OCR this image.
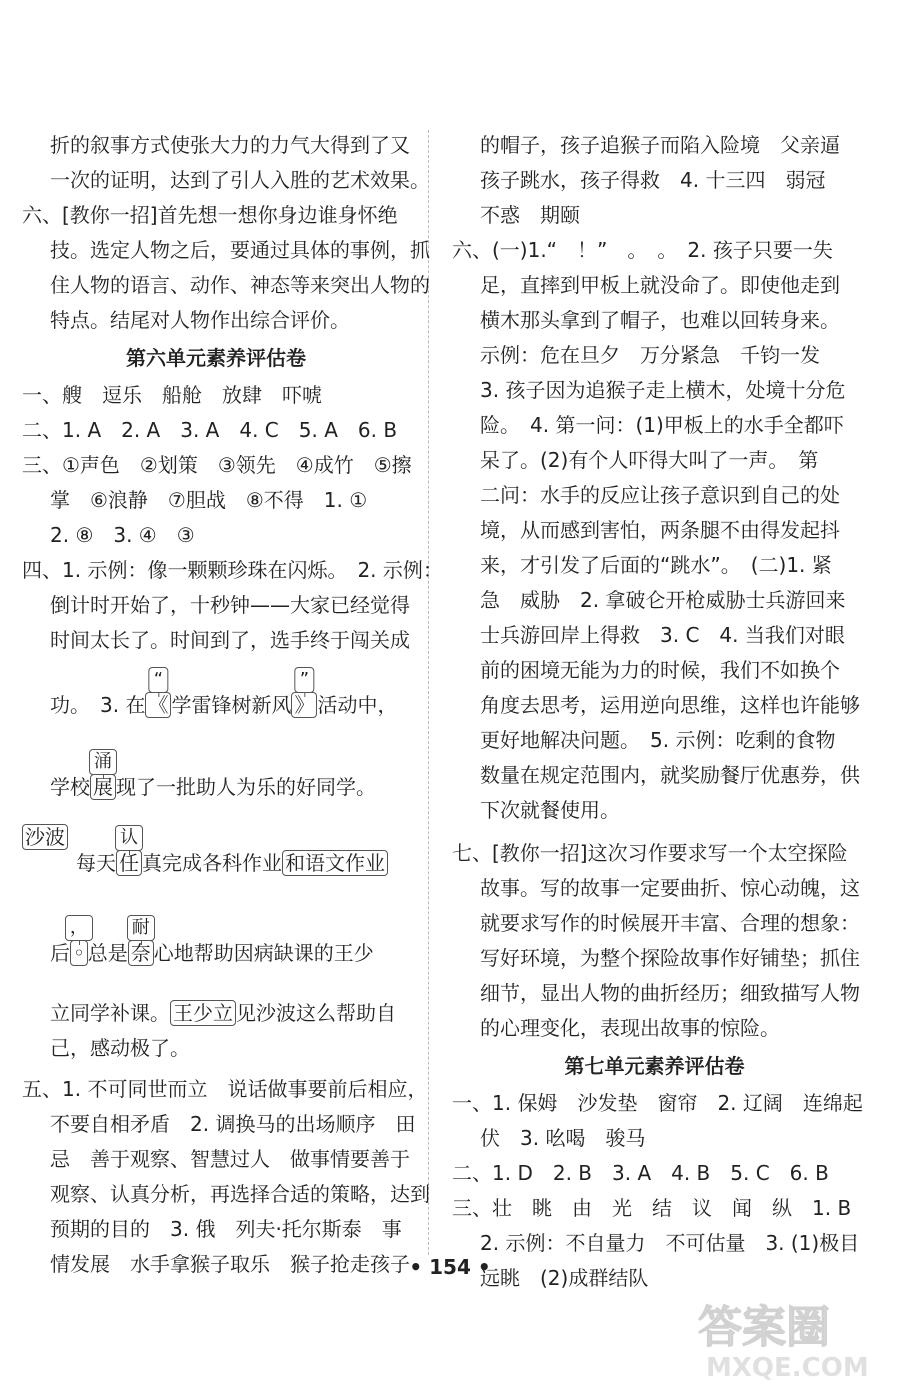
折的叙事方式使张大力的力气大得到了又
一次的证明，达到了引人入胜的艺术效果。
六、[教你一招]首先想一想你身边谁身怀绝
技。选定人物之后，要通过具体的事例，抓
住人物的语言、动作、神态等来突出人物的
特点。结尾对人物作出综合评价。
第六单元素养评估卷
一、艘　逗乐　船舱　放肆　吓唬
二、1. A　2. A　3. A　4. C　5. A　6. B
三、①声色　②划策　③领先　④成竹　⑤擦
掌　⑥浪静　⑦胆战　⑧不得　1. ①
2. ⑧　3. ④　③
四、1. 示例：像一颗颗珍珠在闪烁。　2. 示例：
倒计时开始了，十秒钟——大家已经觉得
时间太长了。时间到了，选手终于闯关成
功。　3. 在 《
“
学雷锋树新风 》
”
活动中，
学校 展
涌
现了一批助人为乐的好同学。
沙波每天 任
认
真完成各科作业 和语文作业
后 ◦
，
总是 奈
耐
心地帮助因病缺课的王少
立同学补课。 王少立 见沙波这么帮助自
己，感动极了。
五、1. 不可同世而立　说话做事要前后相应，
不要自相矛盾　2. 调换马的出场顺序　田
忌　善于观察、智慧过人　做事情要善于
观察、认真分析，再选择合适的策略，达到
预期的目的　3. 俄　列夫·托尔斯泰　事
情发展　水手拿猴子取乐　猴子抢走孩子
的帽子，孩子追猴子而陷入险境　父亲逼
孩子跳水，孩子得救　4. 十三四　弱冠
不惑　期颐
六、(一)1.“　！”　。　。　2. 孩子只要一失
足，直摔到甲板上就没命了。即使他走到
横木那头拿到了帽子，也难以回转身来。
示例：危在旦夕　万分紧急　千钧一发
3. 孩子因为追猴子走上横木，处境十分危
险。　4. 第一问：(1)甲板上的水手全都吓
呆了。(2)有个人吓得大叫了一声。　第
二问：水手的反应让孩子意识到自己的处
境，从而感到害怕，两条腿不由得发起抖
来，才引发了后面的“跳水”。　(二)1. 紧
急　威胁　2. 拿破仑开枪威胁士兵游回来
士兵游回岸上得救　3. C　4. 当我们对眼
前的困境无能为力的时候，我们不如换个
角度去思考，运用逆向思维，这样也许能够
更好地解决问题。　5. 示例：吃剩的食物
数量在规定范围内，就奖励餐厅优惠券，供
下次就餐使用。
七、[教你一招]这次习作要求写一个太空探险
故事。写的故事一定要曲折、惊心动魄，这
就要求写作的时候展开丰富、合理的想象：
写好环境，为整个探险故事作好铺垫；抓住
细节，显出人物的曲折经历；细致描写人物
的心理变化，表现出故事的惊险。
第七单元素养评估卷
一、1. 保姆　沙发垫　窗帘　2. 辽阔　连绵起
伏　3. 吆喝　骏马
二、1. D　2. B　3. A　4. B　5. C　6. B
三、壮　眺　由　光　结　议　闻　纵　1. B
2. 示例：不自量力　不可估量　3. (1)极目
远眺　(2)成群结队
• 154 •
答案圈
MXQE.COM
